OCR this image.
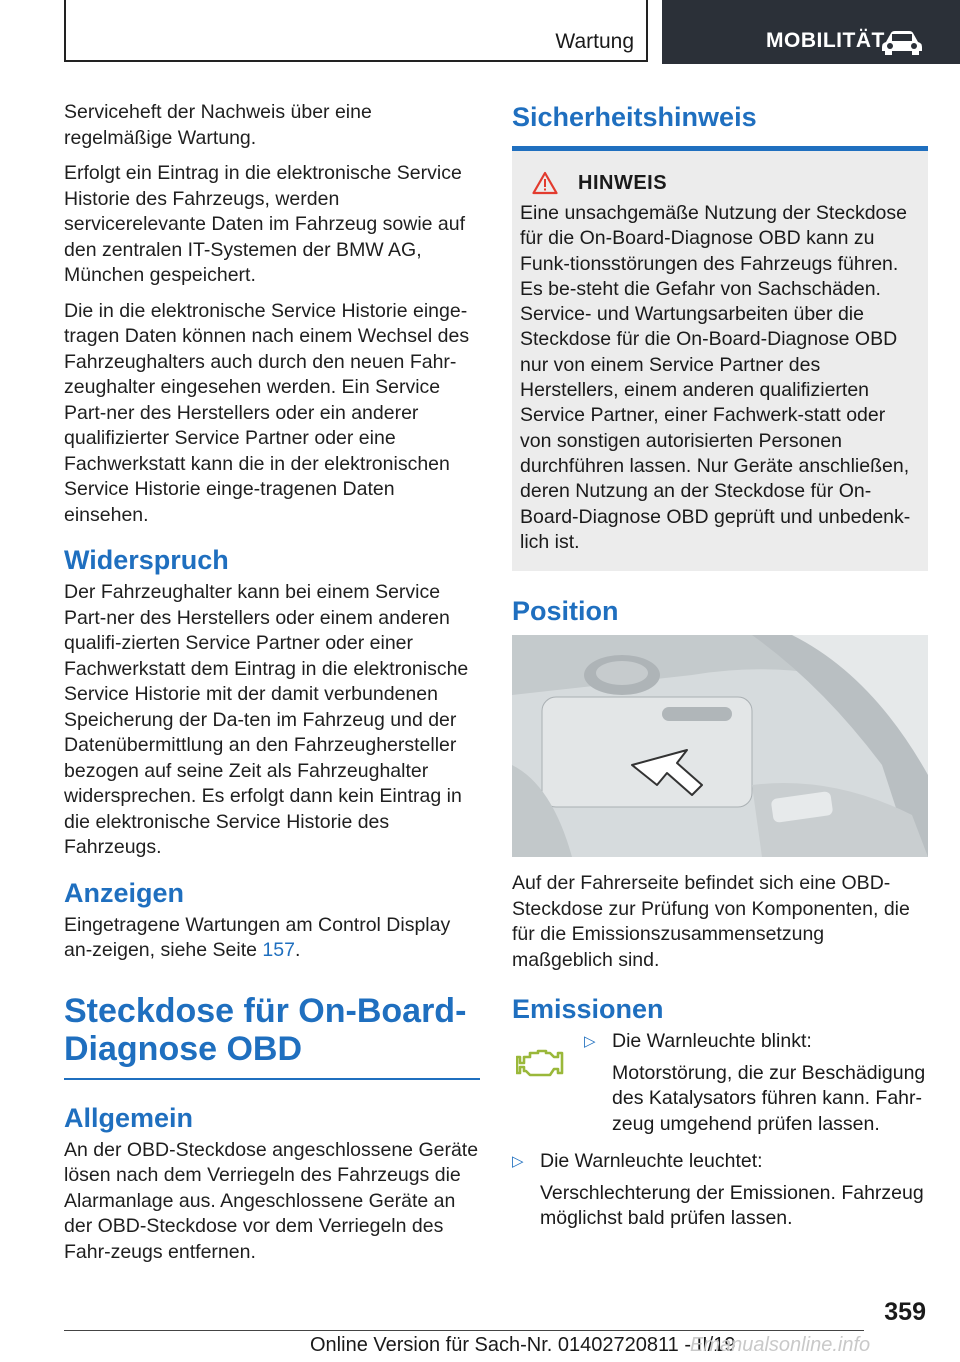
Wartung	MOBILITÄT

Serviceheft der Nachweis über eine regelmäßige Wartung.

Erfolgt ein Eintrag in die elektronische Service Historie des Fahrzeugs, werden servicerelevante Daten im Fahrzeug sowie auf den zentralen IT-Systemen der BMW AG, München gespeichert.

Die in die elektronische Service Historie einge-tragen Daten können nach einem Wechsel des Fahrzeughalters auch durch den neuen Fahr-zeughalter eingesehen werden. Ein Service Part-ner des Herstellers oder ein anderer qualifizierter Service Partner oder eine Fachwerkstatt kann die in der elektronischen Service Historie einge-tragenen Daten einsehen.

Widerspruch

Der Fahrzeughalter kann bei einem Service Part-ner des Herstellers oder einem anderen qualifi-zierten Service Partner oder einer Fachwerkstatt dem Eintrag in die elektronische Service Historie mit der damit verbundenen Speicherung der Da-ten im Fahrzeug und der Datenübermittlung an den Fahrzeughersteller bezogen auf seine Zeit als Fahrzeughalter widersprechen. Es erfolgt dann kein Eintrag in die elektronische Service Historie des Fahrzeugs.

Anzeigen

Eingetragene Wartungen am Control Display an-zeigen, siehe Seite 157.

Steckdose für On-Board-
Diagnose OBD
Allgemein

An der OBD-Steckdose angeschlossene Geräte lösen nach dem Verriegeln des Fahrzeugs die Alarmanlage aus. Angeschlossene Geräte an der OBD-Steckdose vor dem Verriegeln des Fahr-zeugs entfernen.

Sicherheitshinweis
HINWEIS

Eine unsachgemäße Nutzung der Steckdose für die On-Board-Diagnose OBD kann zu Funk-tionsstörungen des Fahrzeugs führen. Es be-steht die Gefahr von Sachschäden. Service- und Wartungsarbeiten über die Steckdose für die On-Board-Diagnose OBD nur von einem Service Partner des Herstellers, einem anderen qualifizierten Service Partner, einer Fachwerk-statt oder von sonstigen autorisierten Personen durchführen lassen. Nur Geräte anschließen, deren Nutzung an der Steckdose für On-Board-Diagnose OBD geprüft und unbedenk-lich ist.

Position

Auf der Fahrerseite befindet sich eine OBD-Steckdose zur Prüfung von Komponenten, die für die Emissionszusammensetzung maßgeblich sind.

Emissionen
▷ Die Warnleuchte blinkt:
Motorstörung, die zur Beschädigung des Katalysators führen kann. Fahr-zeug umgehend prüfen lassen.
▷ Die Warnleuchte leuchtet:
Verschlechterung der Emissionen. Fahrzeug möglichst bald prüfen lassen.
359
Online Version für Sach-Nr. 01402720811 - II/19
Emanualsonline.info
